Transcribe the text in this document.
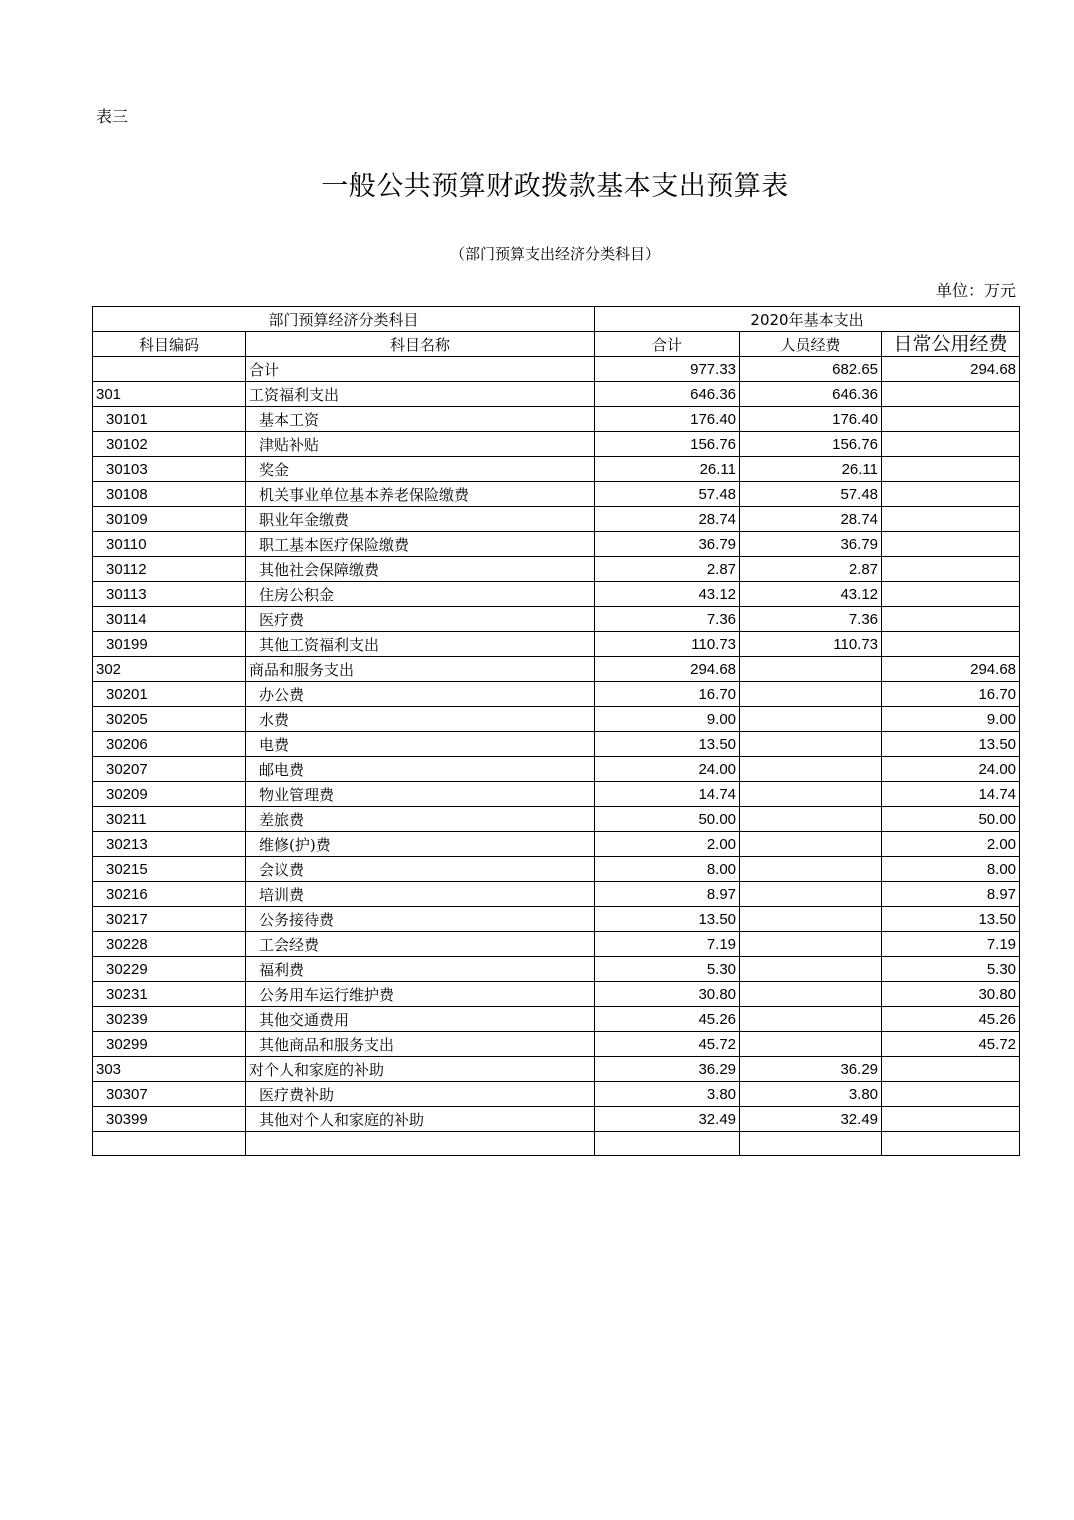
表三
一般公共预算财政拨款基本支出预算表
（部门预算支出经济分类科目）
单位：万元
部门预算经济分类科目		2020年基本支出		
科目编码	科目名称	合计	人员经费	日常公用经费
	合计	977.33	682.65	294.68
301	工资福利支出	646.36	646.36	
30101	基本工资	176.40	176.40	
30102	津贴补贴	156.76	156.76	
30103	奖金	26.11	26.11	
30108	机关事业单位基本养老保险缴费	57.48	57.48	
30109	职业年金缴费	28.74	28.74	
30110	职工基本医疗保险缴费	36.79	36.79	
30112	其他社会保障缴费	2.87	2.87	
30113	住房公积金	43.12	43.12	
30114	医疗费	7.36	7.36	
30199	其他工资福利支出	110.73	110.73	
302	商品和服务支出	294.68		294.68
30201	办公费	16.70		16.70
30205	水费	9.00		9.00
30206	电费	13.50		13.50
30207	邮电费	24.00		24.00
30209	物业管理费	14.74		14.74
30211	差旅费	50.00		50.00
30213	维修(护)费	2.00		2.00
30215	会议费	8.00		8.00
30216	培训费	8.97		8.97
30217	公务接待费	13.50		13.50
30228	工会经费	7.19		7.19
30229	福利费	5.30		5.30
30231	公务用车运行维护费	30.80		30.80
30239	其他交通费用	45.26		45.26
30299	其他商品和服务支出	45.72		45.72
303	对个人和家庭的补助	36.29	36.29	
30307	医疗费补助	3.80	3.80	
30399	其他对个人和家庭的补助	32.49	32.49	
